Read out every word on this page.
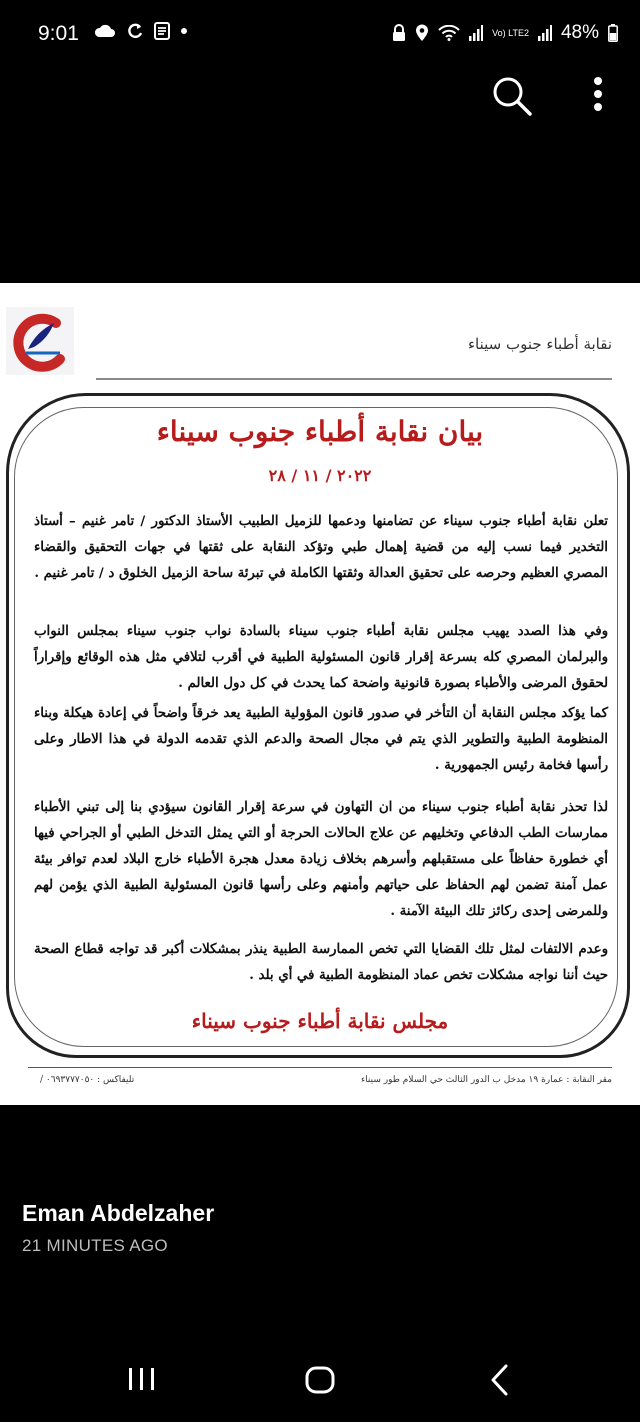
9:01	Vo) LTE2 48%
نقابة أطباء جنوب سيناء
بيان نقابة أطباء جنوب سيناء
٢٠٢٢ / ١١ / ٢٨

تعلن نقابة أطباء جنوب سيناء عن تضامنها ودعمها للزميل الطبيب الأستاذ الدكتور / تامر غنيم – أستاذ التخدير فيما نسب إليه من قضية إهمال طبي وتؤكد النقابة على ثقتها في جهات التحقيق والقضاء المصري العظيم وحرصه على تحقيق العدالة وثقتها الكاملة في تبرئة ساحة الزميل الخلوق د / تامر غنيم .

وفي هذا الصدد يهيب مجلس نقابة أطباء جنوب سيناء بالسادة نواب جنوب سيناء بمجلس النواب والبرلمان المصري كله بسرعة إقرار قانون المسئولية الطبية في أقرب لتلافي مثل هذه الوقائع وإقراراً لحقوق المرضى والأطباء بصورة قانونية واضحة كما يحدث في كل دول العالم .

كما يؤكد مجلس النقابة أن التأخر في صدور قانون المؤولية الطبية يعد خرقاً واضحاً في إعادة هيكلة وبناء المنظومة الطبية والتطوير الذي يتم في مجال الصحة والدعم الذي تقدمه الدولة في هذا الاطار وعلى رأسها فخامة رئيس الجمهورية .

لذا تحذر نقابة أطباء جنوب سيناء من ان التهاون في سرعة إقرار القانون سيؤدي بنا إلى تبني الأطباء ممارسات الطب الدفاعي وتخليهم عن علاج الحالات الحرجة أو التي يمثل التدخل الطبي أو الجراحي فيها أي خطورة حفاظاً على مستقبلهم وأسرهم بخلاف زيادة معدل هجرة الأطباء خارج البلاد لعدم توافر بيئة عمل آمنة تضمن لهم الحفاظ على حياتهم وأمنهم وعلى رأسها قانون المسئولية الطبية الذي يؤمن لهم وللمرضى إحدى ركائز تلك البيئة الآمنة .

وعدم الالتفات لمثل تلك القضايا التي تخص الممارسة الطبية ينذر بمشكلات أكبر قد تواجه قطاع الصحة حيث أننا نواجه مشكلات تخص عماد المنظومة الطبية في أي بلد .

مجلس نقابة أطباء جنوب سيناء
مقر النقابة : عمارة ١٩ مدخل ب الدور الثالث حي السلام طور سيناء
تليفاكس : ٠٦٩٣٧٧٧٠٥٠ /
Eman Abdelzaher
21 MINUTES AGO
